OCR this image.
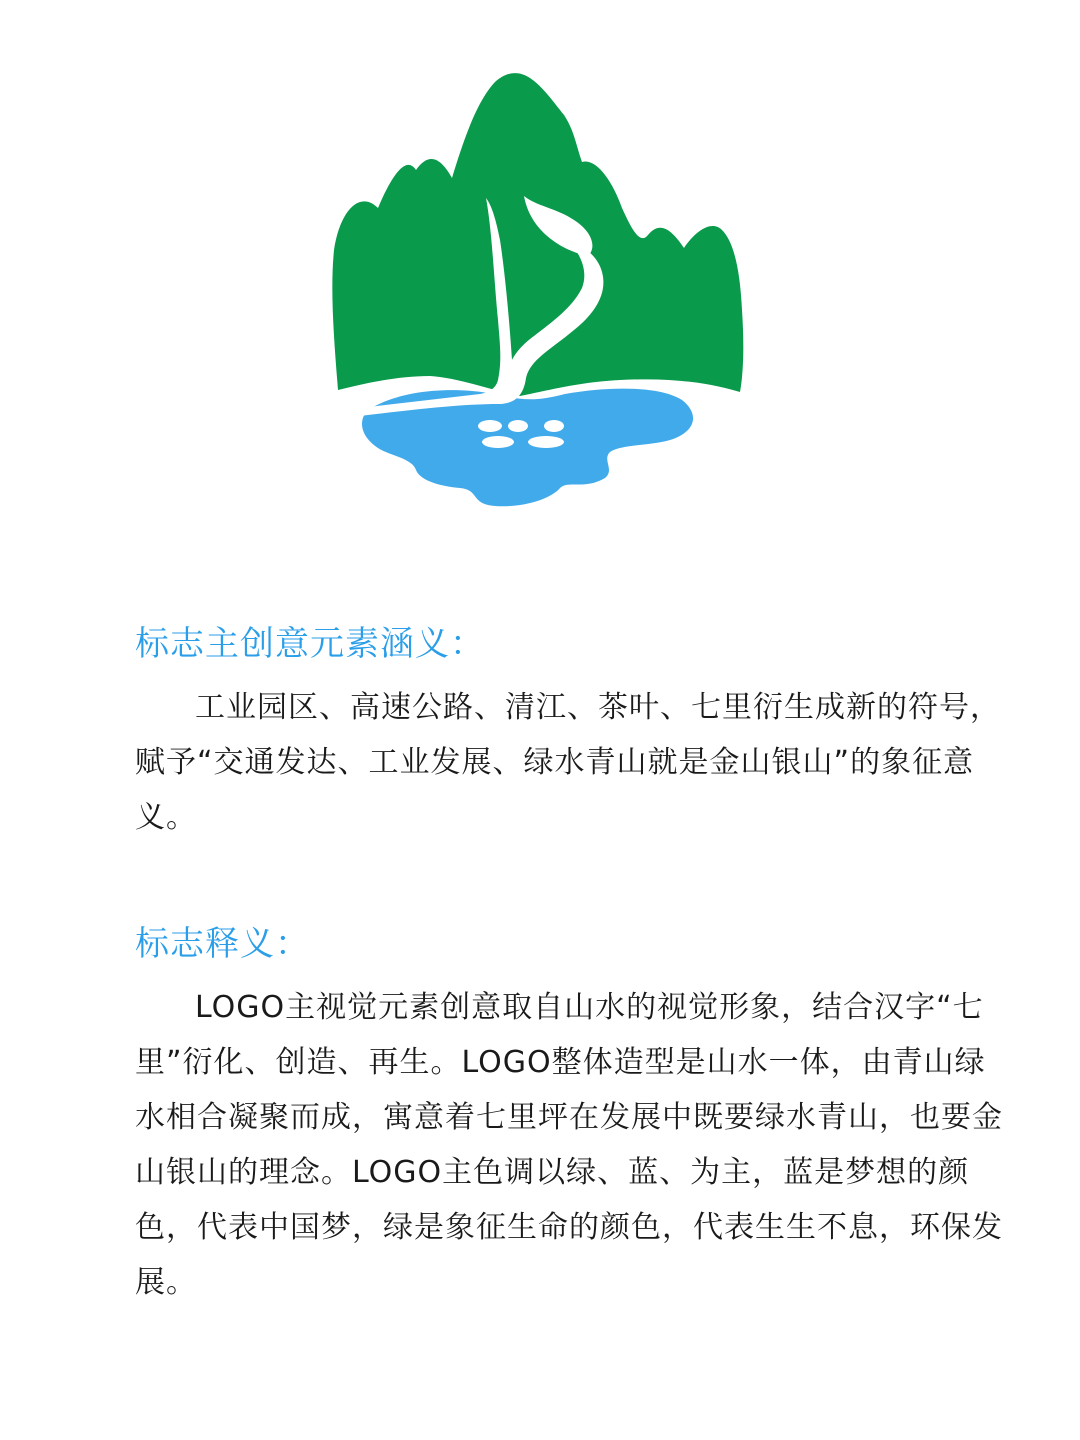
标志主创意元素涵义：

工业园区、高速公路、清江、茶叶、七里衍生成新的符号，赋予“交通发达、工业发展、绿水青山就是金山银山”的象征意义。

标志释义：

LOGO主视觉元素创意取自山水的视觉形象，结合汉字“七里”衍化、创造、再生。LOGO整体造型是山水一体，由青山绿水相合凝聚而成，寓意着七里坪在发展中既要绿水青山，也要金山银山的理念。LOGO主色调以绿、蓝、为主，蓝是梦想的颜色，代表中国梦，绿是象征生命的颜色，代表生生不息，环保发展。
